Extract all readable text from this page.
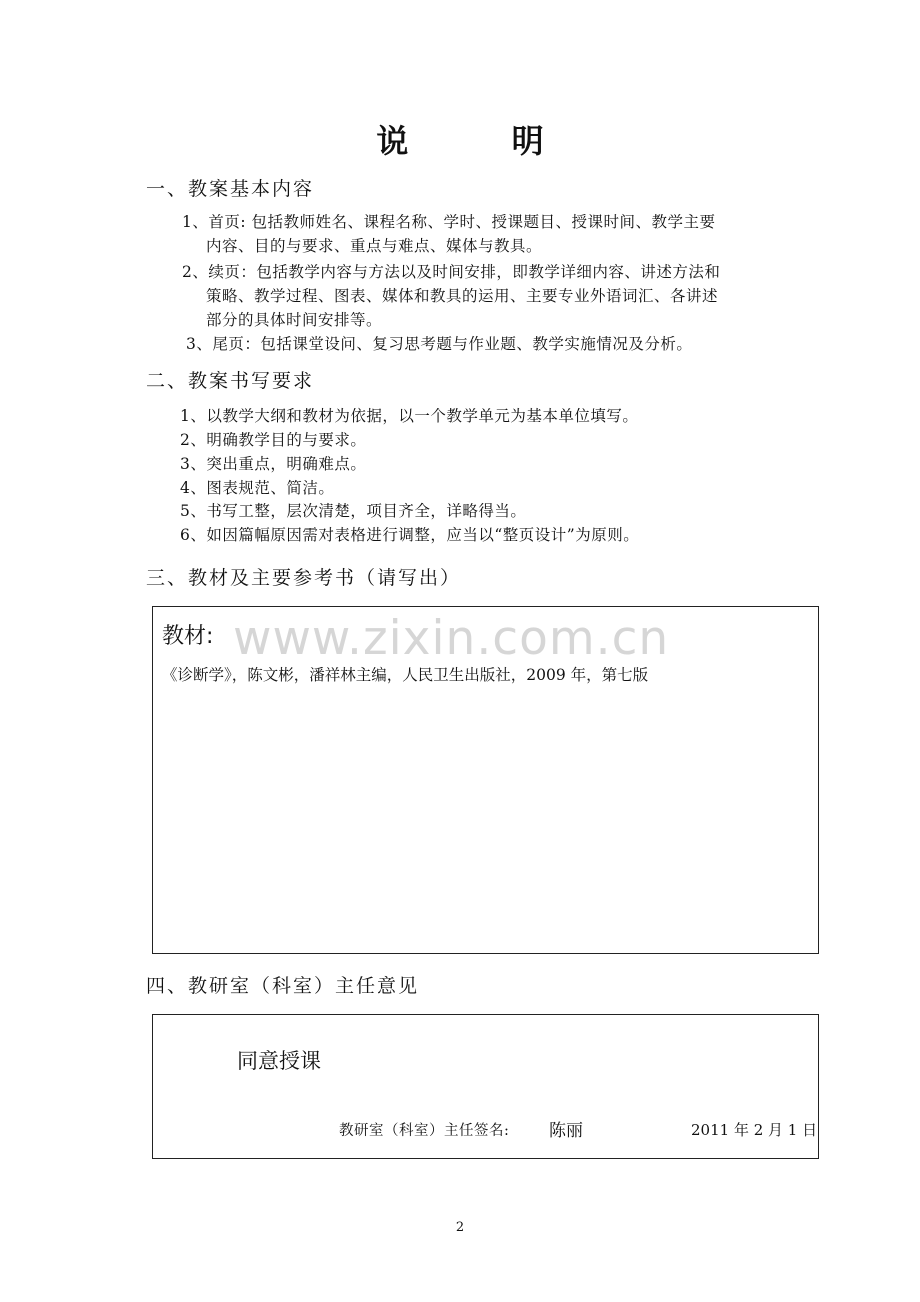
说 明
一、教案基本内容
1、首页: 包括教师姓名、课程名称、学时、授课题目、授课时间、教学主要
内容、目的与要求、重点与难点、媒体与教具。
2、续页：包括教学内容与方法以及时间安排，即教学详细内容、讲述方法和
策略、教学过程、图表、媒体和教具的运用、主要专业外语词汇、各讲述
部分的具体时间安排等。
3、尾页：包括课堂设问、复习思考题与作业题、教学实施情况及分析。
二、教案书写要求
1、以教学大纲和教材为依据，以一个教学单元为基本单位填写。
2、明确教学目的与要求。
3、突出重点，明确难点。
4、图表规范、简洁。
5、书写工整，层次清楚，项目齐全，详略得当。
6、如因篇幅原因需对表格进行调整，应当以“整页设计”为原则。
三、教材及主要参考书（请写出）
www.zixin.com.cn
教材:
《诊断学》，陈文彬，潘祥林主编，人民卫生出版社，2009 年，第七版
四、教研室（科室）主任意见
同意授课
教研室（科室）主任签名: 陈丽	2011 年 2 月 1 日
2
